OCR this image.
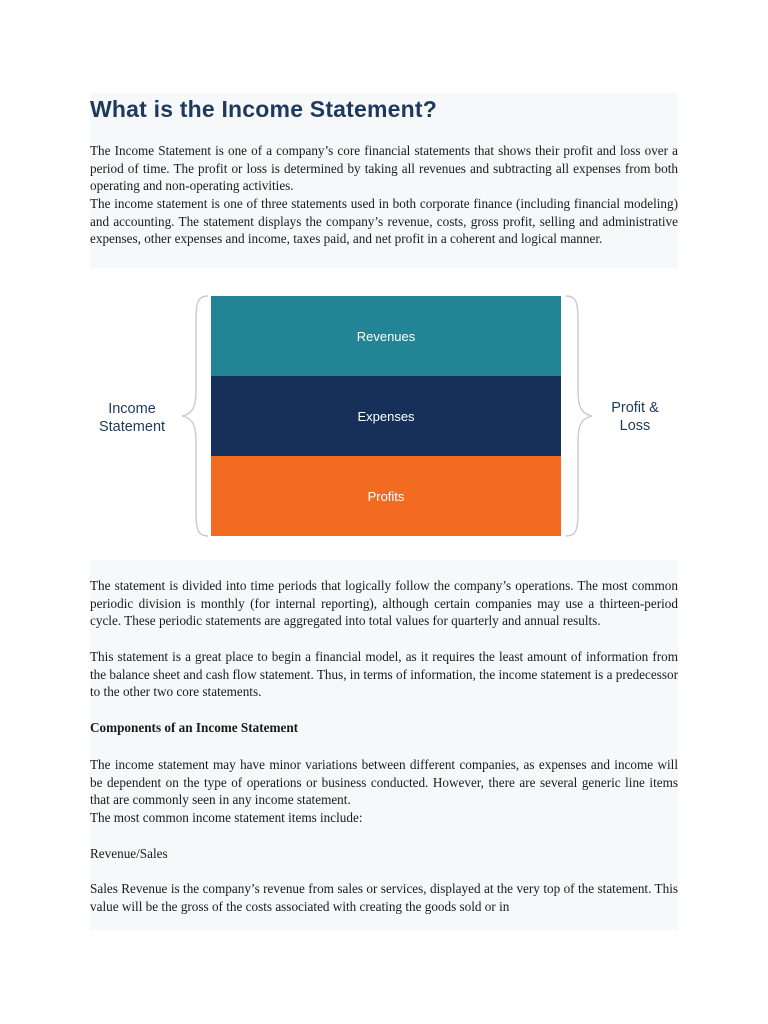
What is the Income Statement?

The Income Statement is one of a company’s core financial statements that shows their profit and loss over a period of time. The profit or loss is determined by taking all revenues and subtracting all expenses from both operating and non-operating activities.

The income statement is one of three statements used in both corporate finance (including financial modeling) and accounting. The statement displays the company’s revenue, costs, gross profit, selling and administrative expenses, other expenses and income, taxes paid, and net profit in a coherent and logical manner.

Income Statement
Revenues
Expenses
Profits
Profit & Loss

The statement is divided into time periods that logically follow the company’s operations. The most common periodic division is monthly (for internal reporting), although certain companies may use a thirteen-period cycle. These periodic statements are aggregated into total values for quarterly and annual results.

This statement is a great place to begin a financial model, as it requires the least amount of information from the balance sheet and cash flow statement. Thus, in terms of information, the income statement is a predecessor to the other two core statements.

Components of an Income Statement

The income statement may have minor variations between different companies, as expenses and income will be dependent on the type of operations or business conducted. However, there are several generic line items that are commonly seen in any income statement.

The most common income statement items include:

Revenue/Sales

Sales Revenue is the company’s revenue from sales or services, displayed at the very top of the statement. This value will be the gross of the costs associated with creating the goods sold or in
